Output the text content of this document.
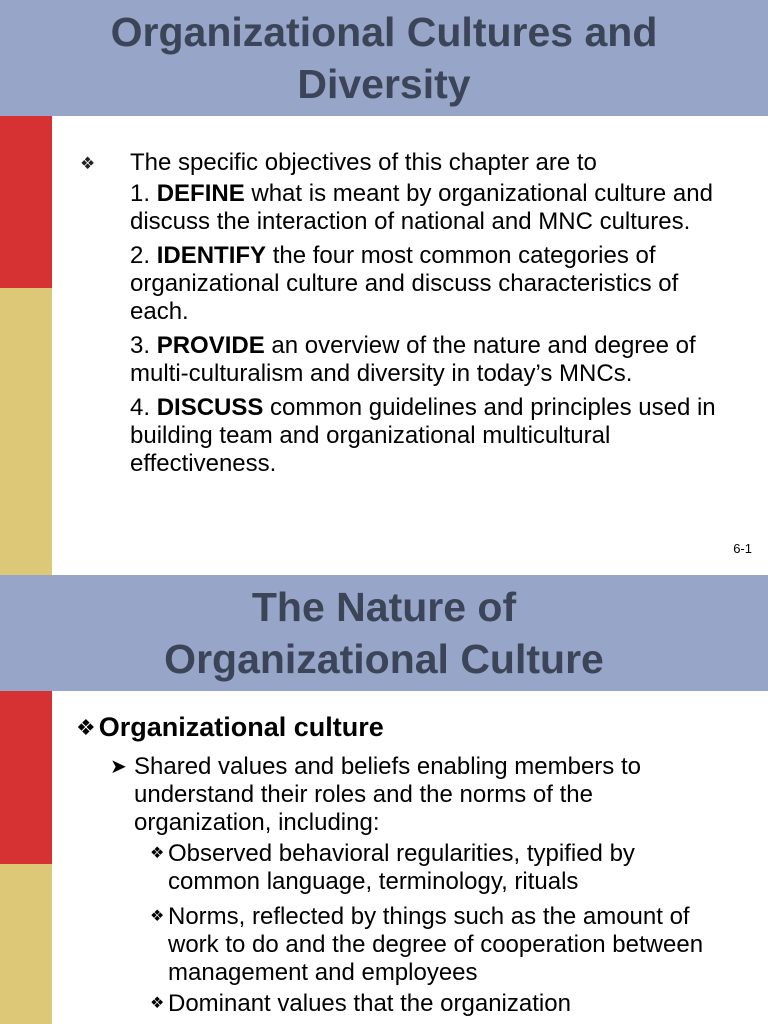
Organizational Cultures and
Diversity
❖ The specific objectives of this chapter are to

1. DEFINE what is meant by organizational culture and discuss the interaction of national and MNC cultures.

2. IDENTIFY the four most common categories of organizational culture and discuss characteristics of each.

3. PROVIDE an overview of the nature and degree of multi-culturalism and diversity in today’s MNCs.

4. DISCUSS common guidelines and principles used in building team and organizational multicultural effectiveness.

6-1
The Nature of
Organizational Culture
❖ Organizational culture
➤ Shared values and beliefs enabling members to understand their roles and the norms of the organization, including:
❖ Observed behavioral regularities, typified by common language, terminology, rituals
❖ Norms, reflected by things such as the amount of work to do and the degree of cooperation between management and employees
❖ Dominant values that the organization
